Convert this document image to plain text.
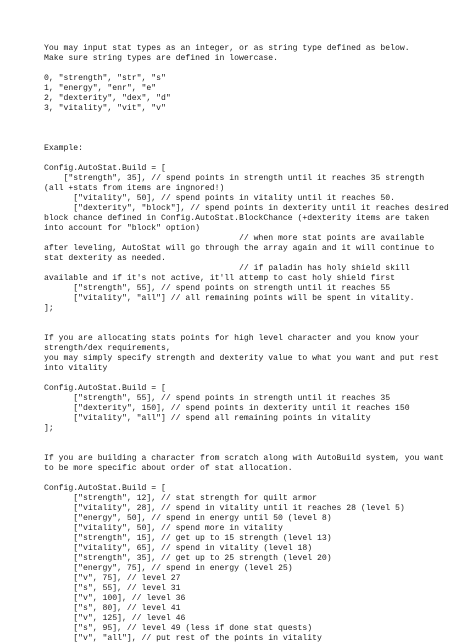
You may input stat types as an integer, or as string type defined as below.
Make sure string types are defined in lowercase.
0, "strength", "str", "s"
1, "energy", "enr", "e"
2, "dexterity", "dex", "d"
3, "vitality", "vit", "v"
Example:
Config.AutoStat.Build = [
["strength", 35], // spend points in strength until it reaches 35 strength
(all +stats from items are ingnored!)
["vitality", 50], // spend points in vitality until it reaches 50.
["dexterity", "block"], // spend points in dexterity until it reaches desired
block chance defined in Config.AutoStat.BlockChance (+dexterity items are taken
into account for "block" option)
// when more stat points are available
after leveling, AutoStat will go through the array again and it will continue to
stat dexterity as needed.
// if paladin has holy shield skill
available and if it's not active, it'll attemp to cast holy shield first
["strength", 55], // spend points on strength until it reaches 55
["vitality", "all"] // all remaining points will be spent in vitality.
];
If you are allocating stats points for high level character and you know your
strength/dex requirements,
you may simply specify strength and dexterity value to what you want and put rest
into vitality
Config.AutoStat.Build = [
["strength", 55], // spend points in strength until it reaches 35
["dexterity", 150], // spend points in dexterity until it reaches 150
["vitality", "all"] // spend all remaining points in vitality
];
If you are building a character from scratch along with AutoBuild system, you want
to be more specific about order of stat allocation.
Config.AutoStat.Build = [
["strength", 12], // stat strength for quilt armor
["vitality", 28], // spend in vitality until it reaches 28 (level 5)
["energy", 50], // spend in energy until 50 (level 8)
["vitality", 50], // spend more in vitality
["strength", 15], // get up to 15 strength (level 13)
["vitality", 65], // spend in vitality (level 18)
["strength", 35], // get up to 25 strength (level 20)
["energy", 75], // spend in energy (level 25)
["v", 75], // level 27
["s", 55], // level 31
["v", 100], // level 36
["s", 80], // level 41
["v", 125], // level 46
["s", 95], // level 49 (less if done stat quests)
["v", "all"], // put rest of the points in vitality
